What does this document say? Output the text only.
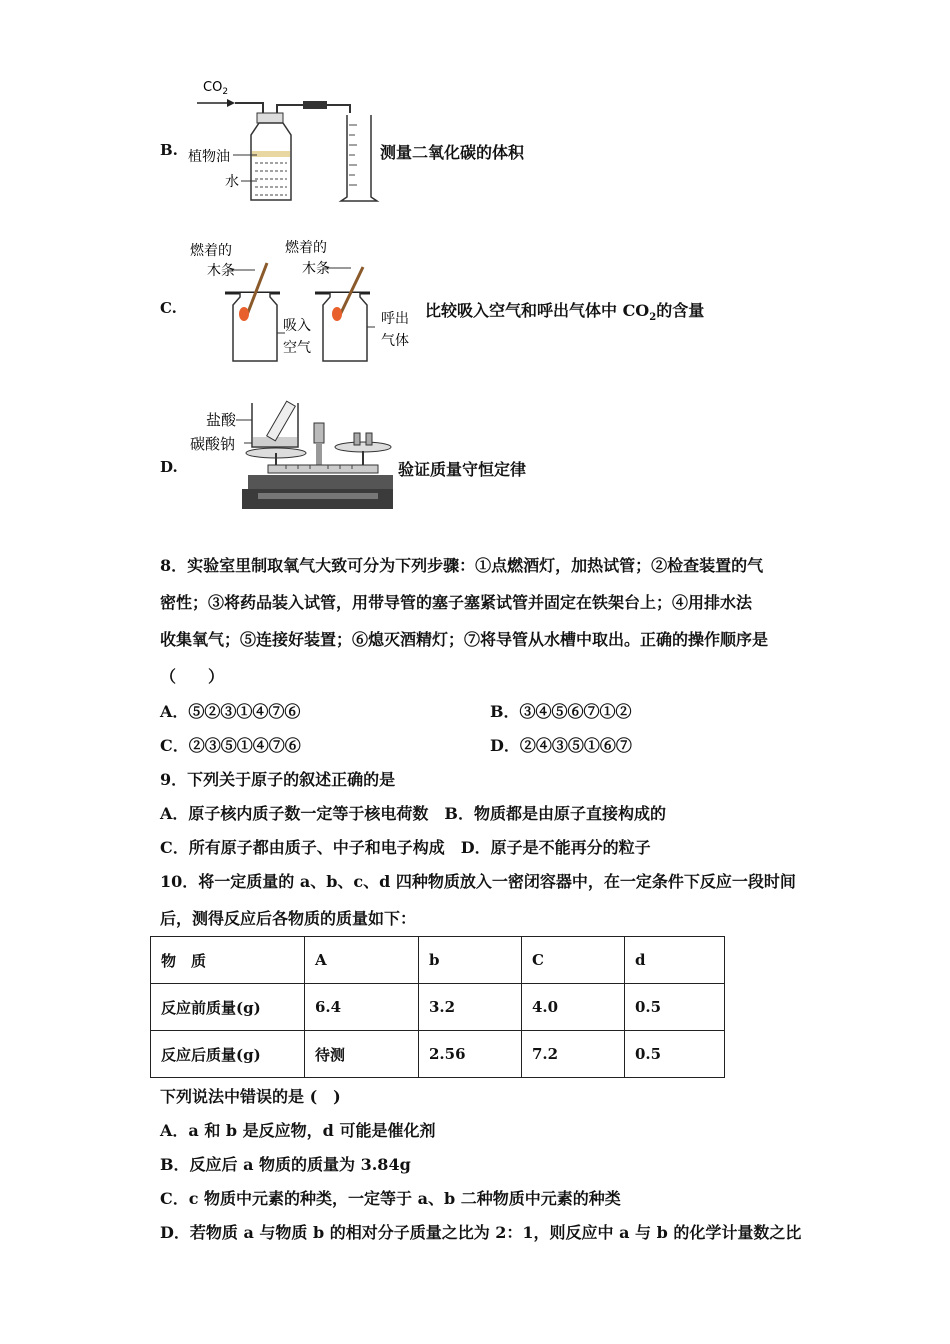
B.
$CO_2$
植物油
水
测量二氧化碳的体积
C.
燃着的
木条
燃着的
木条
吸入
空气
呼出
气体
比较吸入空气和呼出气体中 $CO_2$的含量
D.
盐酸
碳酸钠
验证质量守恒定律
8．实验室里制取氧气大致可分为下列步骤：①点燃酒灯，加热试管；②检查装置的气
密性；③将药品装入试管，用带导管的塞子塞紧试管并固定在铁架台上；④用排水法
收集氧气；⑤连接好装置；⑥熄灭酒精灯；⑦将导管从水槽中取出。正确的操作顺序是
（　　）
A．⑤②③①④⑦⑥	B．③④⑤⑥⑦①②
C．②③⑤①④⑦⑥	D．②④③⑤①⑥⑦
9．下列关于原子的叙述正确的是
A．原子核内质子数一定等于核电荷数　B．物质都是由原子直接构成的
C．所有原子都由质子、中子和电子构成　D．原子是不能再分的粒子
10．将一定质量的 a、b、c、d 四种物质放入一密闭容器中，在一定条件下反应一段时间
后，测得反应后各物质的质量如下：
物　质	A	b	C	d
反应前质量(g)	6.4	3.2	4.0	0.5
反应后质量(g)	待测	2.56	7.2	0.5
下列说法中错误的是 (　)
A．a 和 b 是反应物，d 可能是催化剂
B．反应后 a 物质的质量为 3.84g
C．c 物质中元素的种类，一定等于 a、b 二种物质中元素的种类
D．若物质 a 与物质 b 的相对分子质量之比为 2：1，则反应中 a 与 b 的化学计量数之比
